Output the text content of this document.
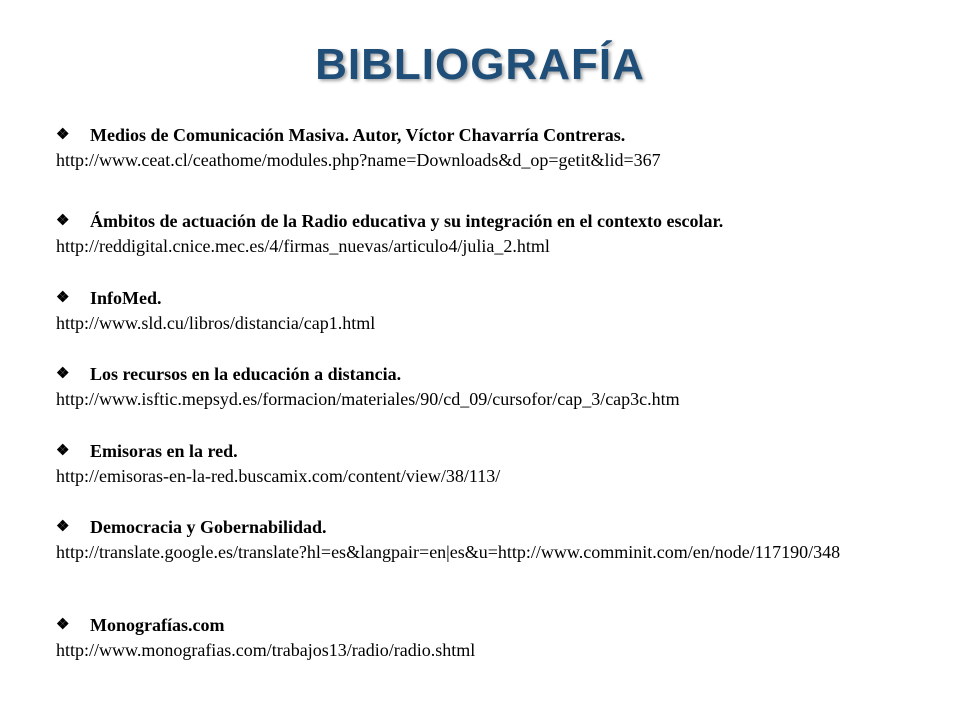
BIBLIOGRAFÍA
❖	Medios de Comunicación Masiva. Autor, Víctor Chavarría Contreras.
http://www.ceat.cl/ceathome/modules.php?name=Downloads&d_op=getit&lid=367
❖	Ámbitos de actuación de la Radio educativa y su integración en el contexto escolar.
http://reddigital.cnice.mec.es/4/firmas_nuevas/articulo4/julia_2.html
❖	InfoMed.
http://www.sld.cu/libros/distancia/cap1.html
❖	Los recursos en la educación a distancia.
http://www.isftic.mepsyd.es/formacion/materiales/90/cd_09/cursofor/cap_3/cap3c.htm
❖	Emisoras en la red.
http://emisoras-en-la-red.buscamix.com/content/view/38/113/
❖	Democracia y Gobernabilidad.
http://translate.google.es/translate?hl=es&langpair=en|es&u=http://www.comminit.com/en/node/117190/348
❖	Monografías.com
http://www.monografias.com/trabajos13/radio/radio.shtml
